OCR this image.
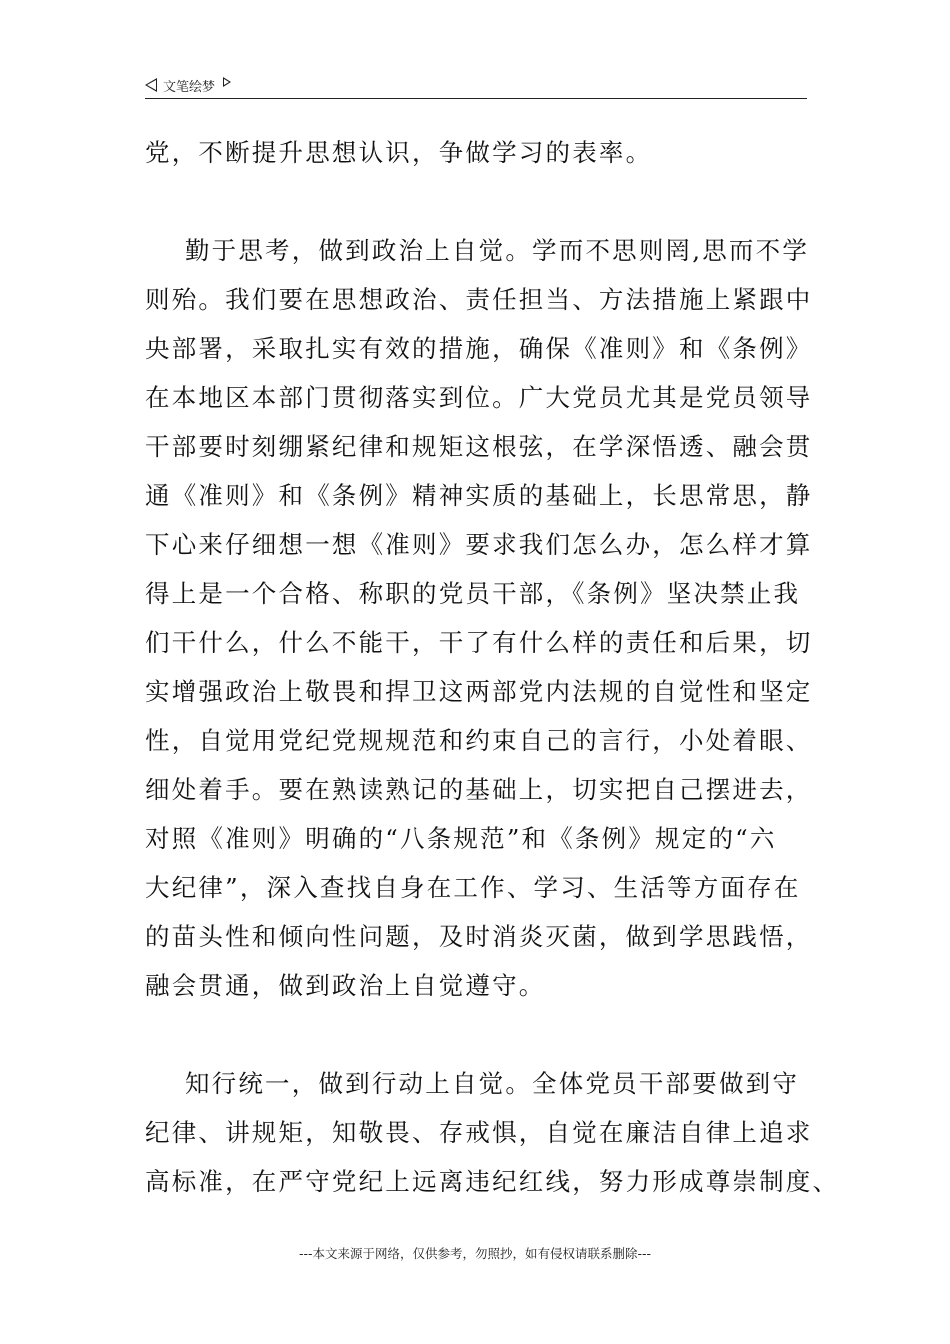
文笔绘梦

党，不断提升思想认识，争做学习的表率。

勤于思考，做到政治上自觉。学而不思则罔,思而不学

则殆。我们要在思想政治、责任担当、方法措施上紧跟中

央部署，采取扎实有效的措施，确保《准则》和《条例》

在本地区本部门贯彻落实到位。广大党员尤其是党员领导

干部要时刻绷紧纪律和规矩这根弦，在学深悟透、融会贯

通《准则》和《条例》精神实质的基础上，长思常思，静

下心来仔细想一想《准则》要求我们怎么办，怎么样才算

得上是一个合格、称职的党员干部，《条例》坚决禁止我

们干什么，什么不能干，干了有什么样的责任和后果，切

实增强政治上敬畏和捍卫这两部党内法规的自觉性和坚定

性，自觉用党纪党规规范和约束自己的言行，小处着眼、

细处着手。要在熟读熟记的基础上，切实把自己摆进去，

对照《准则》明确的“八条规范”和《条例》规定的“六

大纪律”，深入查找自身在工作、学习、生活等方面存在

的苗头性和倾向性问题，及时消炎灭菌，做到学思践悟，

融会贯通，做到政治上自觉遵守。

知行统一，做到行动上自觉。全体党员干部要做到守

纪律、讲规矩，知敬畏、存戒惧，自觉在廉洁自律上追求

高标准，在严守党纪上远离违纪红线，努力形成尊崇制度、

---本文来源于网络，仅供参考，勿照抄，如有侵权请联系删除---
